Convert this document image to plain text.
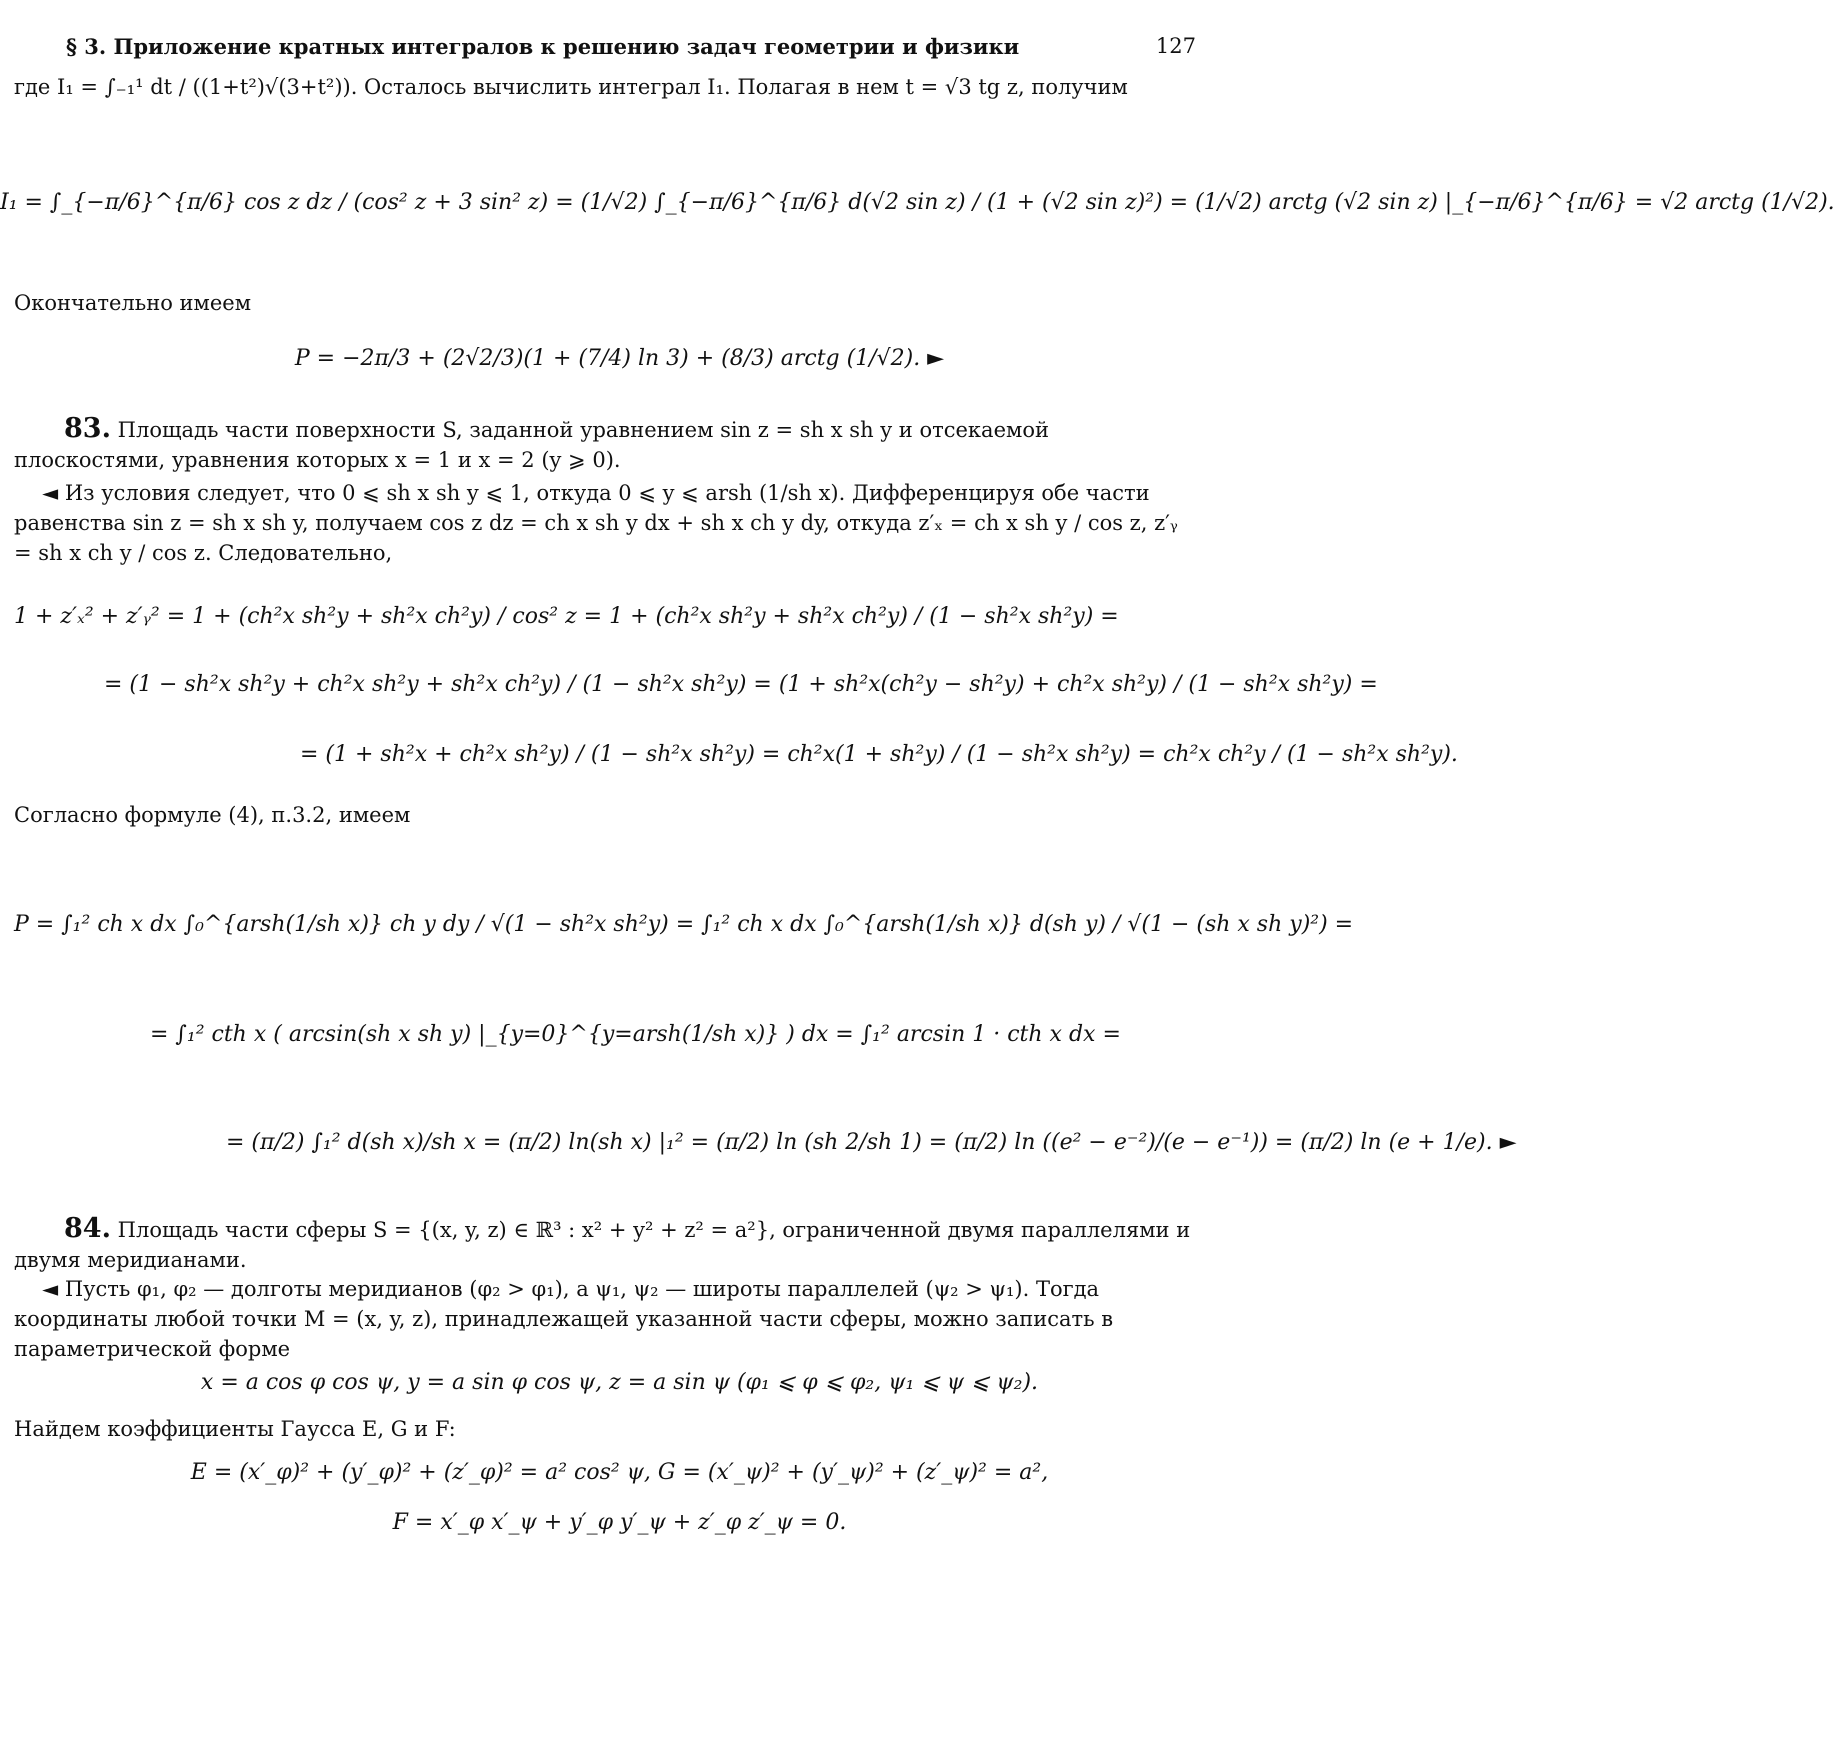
§ 3. Приложение кратных интегралов к решению задач геометрии и физики	127
где I₁ = ∫₋₁¹ dt / ((1+t²)√(3+t²)). Осталось вычислить интеграл I₁. Полагая в нем t = √3 tg z, получим
I₁ = ∫_{−π/6}^{π/6} cos z dz / (cos² z + 3 sin² z) = (1/√2) ∫_{−π/6}^{π/6} d(√2 sin z) / (1 + (√2 sin z)²) = (1/√2) arctg (√2 sin z) |_{−π/6}^{π/6} = √2 arctg (1/√2).
Окончательно имеем
P = −2π/3 + (2√2/3)(1 + (7/4) ln 3) + (8/3) arctg (1/√2). ►
83. Площадь части поверхности S, заданной уравнением sin z = sh x sh y и отсекаемой плоскостями, уравнения которых x = 1 и x = 2 (y ⩾ 0).
◄ Из условия следует, что 0 ⩽ sh x sh y ⩽ 1, откуда 0 ⩽ y ⩽ arsh (1/sh x). Дифференцируя обе части равенства sin z = sh x sh y, получаем cos z dz = ch x sh y dx + sh x ch y dy, откуда z′ₓ = ch x sh y / cos z, z′ᵧ = sh x ch y / cos z. Следовательно,
1 + z′ₓ² + z′ᵧ² = 1 + (ch²x sh²y + sh²x ch²y) / cos² z = 1 + (ch²x sh²y + sh²x ch²y) / (1 − sh²x sh²y) =
= (1 − sh²x sh²y + ch²x sh²y + sh²x ch²y) / (1 − sh²x sh²y) = (1 + sh²x(ch²y − sh²y) + ch²x sh²y) / (1 − sh²x sh²y) =
= (1 + sh²x + ch²x sh²y) / (1 − sh²x sh²y) = ch²x(1 + sh²y) / (1 − sh²x sh²y) = ch²x ch²y / (1 − sh²x sh²y).
Согласно формуле (4), п.3.2, имеем
P = ∫₁² ch x dx ∫₀^{arsh(1/sh x)} ch y dy / √(1 − sh²x sh²y) = ∫₁² ch x dx ∫₀^{arsh(1/sh x)} d(sh y) / √(1 − (sh x sh y)²) =
= ∫₁² cth x ( arcsin(sh x sh y) |_{y=0}^{y=arsh(1/sh x)} ) dx = ∫₁² arcsin 1 · cth x dx =
= (π/2) ∫₁² d(sh x)/sh x = (π/2) ln(sh x) |₁² = (π/2) ln (sh 2/sh 1) = (π/2) ln ((e² − e⁻²)/(e − e⁻¹)) = (π/2) ln (e + 1/e). ►
84. Площадь части сферы S = {(x, y, z) ∈ ℝ³ : x² + y² + z² = a²}, ограниченной двумя параллелями и двумя меридианами.
◄ Пусть φ₁, φ₂ — долготы меридианов (φ₂ > φ₁), а ψ₁, ψ₂ — широты параллелей (ψ₂ > ψ₁). Тогда координаты любой точки M = (x, y, z), принадлежащей указанной части сферы, можно записать в параметрической форме
x = a cos φ cos ψ, y = a sin φ cos ψ, z = a sin ψ (φ₁ ⩽ φ ⩽ φ₂, ψ₁ ⩽ ψ ⩽ ψ₂).
Найдем коэффициенты Гаусса E, G и F:
E = (x′_φ)² + (y′_φ)² + (z′_φ)² = a² cos² ψ, G = (x′_ψ)² + (y′_ψ)² + (z′_ψ)² = a²,
F = x′_φ x′_ψ + y′_φ y′_ψ + z′_φ z′_ψ = 0.
